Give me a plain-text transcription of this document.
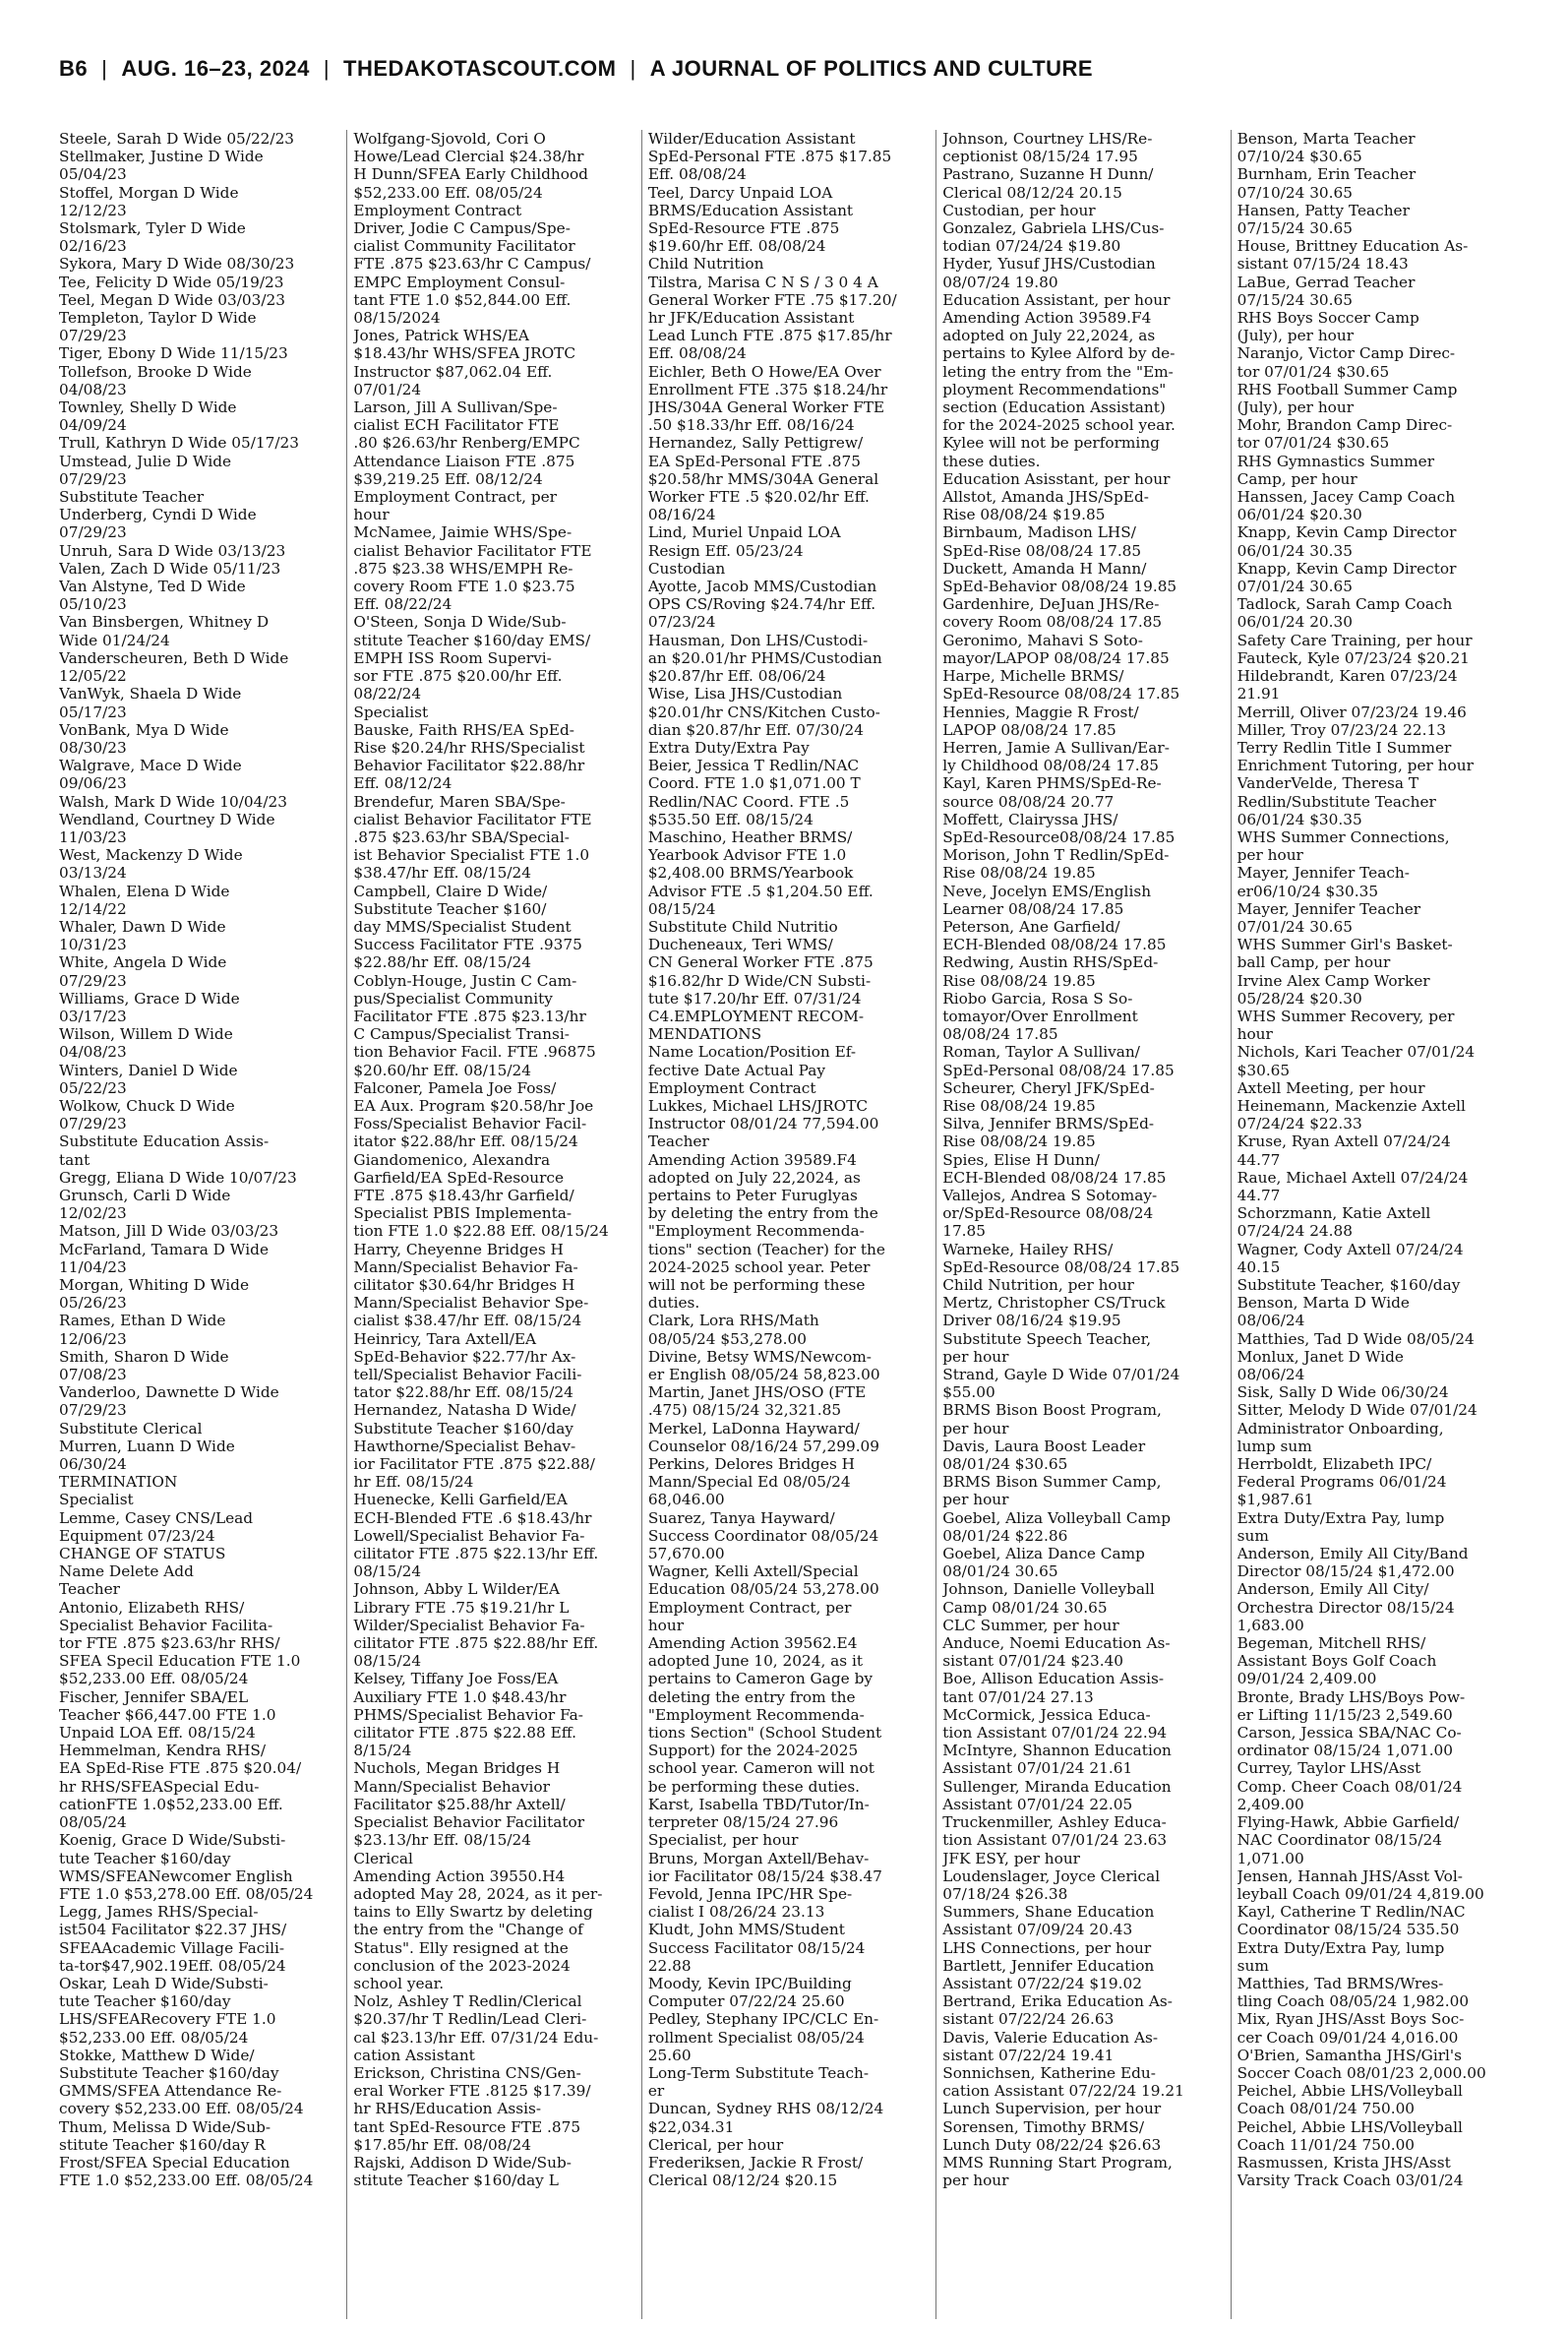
B6 | AUG. 16–23, 2024 | THEDAKOTASCOUT.COM | A JOURNAL OF POLITICS AND CULTURE
Steele, Sarah D Wide 05/22/23
Stellmaker, Justine D Wide
05/04/23
Stoffel, Morgan D Wide
12/12/23
Stolsmark, Tyler D Wide
02/16/23
Sykora, Mary D Wide 08/30/23
Tee, Felicity D Wide 05/19/23
Teel, Megan D Wide 03/03/23
Templeton, Taylor D Wide
07/29/23
Tiger, Ebony D Wide 11/15/23
Tollefson, Brooke D Wide
04/08/23
Townley, Shelly D Wide
04/09/24
Trull, Kathryn D Wide 05/17/23
Umstead, Julie D Wide
07/29/23
Substitute Teacher
Underberg, Cyndi D Wide
07/29/23
Unruh, Sara D Wide 03/13/23
Valen, Zach D Wide 05/11/23
Van Alstyne, Ted D Wide
05/10/23
Van Binsbergen, Whitney D
Wide 01/24/24
Vanderscheuren, Beth D Wide
12/05/22
VanWyk, Shaela D Wide
05/17/23
VonBank, Mya D Wide
08/30/23
Walgrave, Mace D Wide
09/06/23
Walsh, Mark D Wide 10/04/23
Wendland, Courtney D Wide
11/03/23
West, Mackenzy D Wide
03/13/24
Whalen, Elena D Wide
12/14/22
Whaler, Dawn D Wide
10/31/23
White, Angela D Wide
07/29/23
Williams, Grace D Wide
03/17/23
Wilson, Willem D Wide
04/08/23
Winters, Daniel D Wide
05/22/23
Wolkow, Chuck D Wide
07/29/23
Substitute Education Assis-
tant
Gregg, Eliana D Wide 10/07/23
Grunsch, Carli D Wide
12/02/23
Matson, Jill D Wide 03/03/23
McFarland, Tamara D Wide
11/04/23
Morgan, Whiting D Wide
05/26/23
Rames, Ethan D Wide
12/06/23
Smith, Sharon D Wide
07/08/23
Vanderloo, Dawnette D Wide
07/29/23
Substitute Clerical
Murren, Luann D Wide
06/30/24
TERMINATION
Specialist
Lemme, Casey CNS/Lead
Equipment 07/23/24
CHANGE OF STATUS
Name Delete Add
Teacher
Antonio, Elizabeth RHS/
Specialist Behavior Facilita-
tor FTE .875 $23.63/hr RHS/
SFEA Specil Education FTE 1.0
$52,233.00 Eff. 08/05/24
Fischer, Jennifer SBA/EL
Teacher $66,447.00 FTE 1.0
Unpaid LOA Eff. 08/15/24
Hemmelman, Kendra RHS/
EA SpEd-Rise FTE .875 $20.04/
hr RHS/SFEASpecial Edu-
cationFTE 1.0$52,233.00 Eff.
08/05/24
Koenig, Grace D Wide/Substi-
tute Teacher $160/day
WMS/SFEANewcomer English
FTE 1.0 $53,278.00 Eff. 08/05/24
Legg, James RHS/Special-
ist504 Facilitator $22.37 JHS/
SFEAAcademic Village Facili-
ta-tor$47,902.19Eff. 08/05/24
Oskar, Leah D Wide/Substi-
tute Teacher $160/day
LHS/SFEARecovery FTE 1.0
$52,233.00 Eff. 08/05/24
Stokke, Matthew D Wide/
Substitute Teacher $160/day
GMMS/SFEA Attendance Re-
covery $52,233.00 Eff. 08/05/24
Thum, Melissa D Wide/Sub-
stitute Teacher $160/day R
Frost/SFEA Special Education
FTE 1.0 $52,233.00 Eff. 08/05/24
Wolfgang-Sjovold, Cori O
Howe/Lead Clercial $24.38/hr
H Dunn/SFEA Early Childhood
$52,233.00 Eff. 08/05/24
Employment Contract
Driver, Jodie C Campus/Spe-
cialist Community Facilitator
FTE .875 $23.63/hr C Campus/
EMPC Employment Consul-
tant FTE 1.0 $52,844.00 Eff.
08/15/2024
Jones, Patrick WHS/EA
$18.43/hr WHS/SFEA JROTC
Instructor $87,062.04 Eff.
07/01/24
Larson, Jill A Sullivan/Spe-
cialist ECH Facilitator FTE
.80 $26.63/hr Renberg/EMPC
Attendance Liaison FTE .875
$39,219.25 Eff. 08/12/24
Employment Contract, per
hour
McNamee, Jaimie WHS/Spe-
cialist Behavior Facilitator FTE
.875 $23.38 WHS/EMPH Re-
covery Room FTE 1.0 $23.75
Eff. 08/22/24
O'Steen, Sonja D Wide/Sub-
stitute Teacher $160/day EMS/
EMPH ISS Room Supervi-
sor FTE .875 $20.00/hr Eff.
08/22/24
Specialist
Bauske, Faith RHS/EA SpEd-
Rise $20.24/hr RHS/Specialist
Behavior Facilitator $22.88/hr
Eff. 08/12/24
Brendefur, Maren SBA/Spe-
cialist Behavior Facilitator FTE
.875 $23.63/hr SBA/Special-
ist Behavior Specialist FTE 1.0
$38.47/hr Eff. 08/15/24
Campbell, Claire D Wide/
Substitute Teacher $160/
day MMS/Specialist Student
Success Facilitator FTE .9375
$22.88/hr Eff. 08/15/24
Coblyn-Houge, Justin C Cam-
pus/Specialist Community
Facilitator FTE .875 $23.13/hr
C Campus/Specialist Transi-
tion Behavior Facil. FTE .96875
$20.60/hr Eff. 08/15/24
Falconer, Pamela Joe Foss/
EA Aux. Program $20.58/hr Joe
Foss/Specialist Behavior Facil-
itator $22.88/hr Eff. 08/15/24
Giandomenico, Alexandra
Garfield/EA SpEd-Resource
FTE .875 $18.43/hr Garfield/
Specialist PBIS Implementa-
tion FTE 1.0 $22.88 Eff. 08/15/24
Harry, Cheyenne Bridges H
Mann/Specialist Behavior Fa-
cilitator $30.64/hr Bridges H
Mann/Specialist Behavior Spe-
cialist $38.47/hr Eff. 08/15/24
Heinricy, Tara Axtell/EA
SpEd-Behavior $22.77/hr Ax-
tell/Specialist Behavior Facili-
tator $22.88/hr Eff. 08/15/24
Hernandez, Natasha D Wide/
Substitute Teacher $160/day
Hawthorne/Specialist Behav-
ior Facilitator FTE .875 $22.88/
hr Eff. 08/15/24
Huenecke, Kelli Garfield/EA
ECH-Blended FTE .6 $18.43/hr
Lowell/Specialist Behavior Fa-
cilitator FTE .875 $22.13/hr Eff.
08/15/24
Johnson, Abby L Wilder/EA
Library FTE .75 $19.21/hr L
Wilder/Specialist Behavior Fa-
cilitator FTE .875 $22.88/hr Eff.
08/15/24
Kelsey, Tiffany Joe Foss/EA
Auxiliary FTE 1.0 $48.43/hr
PHMS/Specialist Behavior Fa-
cilitator FTE .875 $22.88 Eff.
8/15/24
Nuchols, Megan Bridges H
Mann/Specialist Behavior
Facilitator $25.88/hr Axtell/
Specialist Behavior Facilitator
$23.13/hr Eff. 08/15/24
Clerical
Amending Action 39550.H4
adopted May 28, 2024, as it per-
tains to Elly Swartz by deleting
the entry from the "Change of
Status". Elly resigned at the
conclusion of the 2023-2024
school year.
Nolz, Ashley T Redlin/Clerical
$20.37/hr T Redlin/Lead Cleri-
cal $23.13/hr Eff. 07/31/24 Edu-
cation Assistant
Erickson, Christina CNS/Gen-
eral Worker FTE .8125 $17.39/
hr RHS/Education Assis-
tant SpEd-Resource FTE .875
$17.85/hr Eff. 08/08/24
Rajski, Addison D Wide/Sub-
stitute Teacher $160/day L
Wilder/Education Assistant
SpEd-Personal FTE .875 $17.85
Eff. 08/08/24
Teel, Darcy Unpaid LOA
BRMS/Education Assistant
SpEd-Resource FTE .875
$19.60/hr Eff. 08/08/24
Child Nutrition
Tilstra, Marisa C N S / 3 0 4 A
General Worker FTE .75 $17.20/
hr JFK/Education Assistant
Lead Lunch FTE .875 $17.85/hr
Eff. 08/08/24
Eichler, Beth O Howe/EA Over
Enrollment FTE .375 $18.24/hr
JHS/304A General Worker FTE
.50 $18.33/hr Eff. 08/16/24
Hernandez, Sally Pettigrew/
EA SpEd-Personal FTE .875
$20.58/hr MMS/304A General
Worker FTE .5 $20.02/hr Eff.
08/16/24
Lind, Muriel Unpaid LOA
Resign Eff. 05/23/24
Custodian
Ayotte, Jacob MMS/Custodian
OPS CS/Roving $24.74/hr Eff.
07/23/24
Hausman, Don LHS/Custodi-
an $20.01/hr PHMS/Custodian
$20.87/hr Eff. 08/06/24
Wise, Lisa JHS/Custodian
$20.01/hr CNS/Kitchen Custo-
dian $20.87/hr Eff. 07/30/24
Extra Duty/Extra Pay
Beier, Jessica T Redlin/NAC
Coord. FTE 1.0 $1,071.00 T
Redlin/NAC Coord. FTE .5
$535.50 Eff. 08/15/24
Maschino, Heather BRMS/
Yearbook Advisor FTE 1.0
$2,408.00 BRMS/Yearbook
Advisor FTE .5 $1,204.50 Eff.
08/15/24
Substitute Child Nutritio
Ducheneaux, Teri WMS/
CN General Worker FTE .875
$16.82/hr D Wide/CN Substi-
tute $17.20/hr Eff. 07/31/24
C4.EMPLOYMENT RECOM-
MENDATIONS
Name Location/Position Ef-
fective Date Actual Pay
Employment Contract
Lukkes, Michael LHS/JROTC
Instructor 08/01/24 77,594.00
Teacher
Amending Action 39589.F4
adopted on July 22,2024, as
pertains to Peter Furuglyas
by deleting the entry from the
"Employment Recommenda-
tions" section (Teacher) for the
2024-2025 school year. Peter
will not be performing these
duties.
Clark, Lora RHS/Math
08/05/24 $53,278.00
Divine, Betsy WMS/Newcom-
er English 08/05/24 58,823.00
Martin, Janet JHS/OSO (FTE
.475) 08/15/24 32,321.85
Merkel, LaDonna Hayward/
Counselor 08/16/24 57,299.09
Perkins, Delores Bridges H
Mann/Special Ed 08/05/24
68,046.00
Suarez, Tanya Hayward/
Success Coordinator 08/05/24
57,670.00
Wagner, Kelli Axtell/Special
Education 08/05/24 53,278.00
Employment Contract, per
hour
Amending Action 39562.E4
adopted June 10, 2024, as it
pertains to Cameron Gage by
deleting the entry from the
"Employment Recommenda-
tions Section" (School Student
Support) for the 2024-2025
school year. Cameron will not
be performing these duties.
Karst, Isabella TBD/Tutor/In-
terpreter 08/15/24 27.96
Specialist, per hour
Bruns, Morgan Axtell/Behav-
ior Facilitator 08/15/24 $38.47
Fevold, Jenna IPC/HR Spe-
cialist I 08/26/24 23.13
Kludt, John MMS/Student
Success Facilitator 08/15/24
22.88
Moody, Kevin IPC/Building
Computer 07/22/24 25.60
Pedley, Stephany IPC/CLC En-
rollment Specialist 08/05/24
25.60
Long-Term Substitute Teach-
er
Duncan, Sydney RHS 08/12/24
$22,034.31
Clerical, per hour
Frederiksen, Jackie R Frost/
Clerical 08/12/24 $20.15
Johnson, Courtney LHS/Re-
ceptionist 08/15/24 17.95
Pastrano, Suzanne H Dunn/
Clerical 08/12/24 20.15
Custodian, per hour
Gonzalez, Gabriela LHS/Cus-
todian 07/24/24 $19.80
Hyder, Yusuf JHS/Custodian
08/07/24 19.80
Education Assistant, per hour
Amending Action 39589.F4
adopted on July 22,2024, as
pertains to Kylee Alford by de-
leting the entry from the "Em-
ployment Recommendations"
section (Education Assistant)
for the 2024-2025 school year.
Kylee will not be performing
these duties.
Education Asisstant, per hour
Allstot, Amanda JHS/SpEd-
Rise 08/08/24 $19.85
Birnbaum, Madison LHS/
SpEd-Rise 08/08/24 17.85
Duckett, Amanda H Mann/
SpEd-Behavior 08/08/24 19.85
Gardenhire, DeJuan JHS/Re-
covery Room 08/08/24 17.85
Geronimo, Mahavi S Soto-
mayor/LAPOP 08/08/24 17.85
Harpe, Michelle BRMS/
SpEd-Resource 08/08/24 17.85
Hennies, Maggie R Frost/
LAPOP 08/08/24 17.85
Herren, Jamie A Sullivan/Ear-
ly Childhood 08/08/24 17.85
Kayl, Karen PHMS/SpEd-Re-
source 08/08/24 20.77
Moffett, Clairyssa JHS/
SpEd-Resource08/08/24 17.85
Morison, John T Redlin/SpEd-
Rise 08/08/24 19.85
Neve, Jocelyn EMS/English
Learner 08/08/24 17.85
Peterson, Ane Garfield/
ECH-Blended 08/08/24 17.85
Redwing, Austin RHS/SpEd-
Rise 08/08/24 19.85
Riobo Garcia, Rosa S So-
tomayor/Over Enrollment
08/08/24 17.85
Roman, Taylor A Sullivan/
SpEd-Personal 08/08/24 17.85
Scheurer, Cheryl JFK/SpEd-
Rise 08/08/24 19.85
Silva, Jennifer BRMS/SpEd-
Rise 08/08/24 19.85
Spies, Elise H Dunn/
ECH-Blended 08/08/24 17.85
Vallejos, Andrea S Sotomay-
or/SpEd-Resource 08/08/24
17.85
Warneke, Hailey RHS/
SpEd-Resource 08/08/24 17.85
Child Nutrition, per hour
Mertz, Christopher CS/Truck
Driver 08/16/24 $19.95
Substitute Speech Teacher,
per hour
Strand, Gayle D Wide 07/01/24
$55.00
BRMS Bison Boost Program,
per hour
Davis, Laura Boost Leader
08/01/24 $30.65
BRMS Bison Summer Camp,
per hour
Goebel, Aliza Volleyball Camp
08/01/24 $22.86
Goebel, Aliza Dance Camp
08/01/24 30.65
Johnson, Danielle Volleyball
Camp 08/01/24 30.65
CLC Summer, per hour
Anduce, Noemi Education As-
sistant 07/01/24 $23.40
Boe, Allison Education Assis-
tant 07/01/24 27.13
McCormick, Jessica Educa-
tion Assistant 07/01/24 22.94
McIntyre, Shannon Education
Assistant 07/01/24 21.61
Sullenger, Miranda Education
Assistant 07/01/24 22.05
Truckenmiller, Ashley Educa-
tion Assistant 07/01/24 23.63
JFK ESY, per hour
Loudenslager, Joyce Clerical
07/18/24 $26.38
Summers, Shane Education
Assistant 07/09/24 20.43
LHS Connections, per hour
Bartlett, Jennifer Education
Assistant 07/22/24 $19.02
Bertrand, Erika Education As-
sistant 07/22/24 26.63
Davis, Valerie Education As-
sistant 07/22/24 19.41
Sonnichsen, Katherine Edu-
cation Assistant 07/22/24 19.21
Lunch Supervision, per hour
Sorensen, Timothy BRMS/
Lunch Duty 08/22/24 $26.63
MMS Running Start Program,
per hour
Benson, Marta Teacher
07/10/24 $30.65
Burnham, Erin Teacher
07/10/24 30.65
Hansen, Patty Teacher
07/15/24 30.65
House, Brittney Education As-
sistant 07/15/24 18.43
LaBue, Gerrad Teacher
07/15/24 30.65
RHS Boys Soccer Camp
(July), per hour
Naranjo, Victor Camp Direc-
tor 07/01/24 $30.65
RHS Football Summer Camp
(July), per hour
Mohr, Brandon Camp Direc-
tor 07/01/24 $30.65
RHS Gymnastics Summer
Camp, per hour
Hanssen, Jacey Camp Coach
06/01/24 $20.30
Knapp, Kevin Camp Director
06/01/24 30.35
Knapp, Kevin Camp Director
07/01/24 30.65
Tadlock, Sarah Camp Coach
06/01/24 20.30
Safety Care Training, per hour
Fauteck, Kyle 07/23/24 $20.21
Hildebrandt, Karen 07/23/24
21.91
Merrill, Oliver 07/23/24 19.46
Miller, Troy 07/23/24 22.13
Terry Redlin Title I Summer
Enrichment Tutoring, per hour
VanderVelde, Theresa T
Redlin/Substitute Teacher
06/01/24 $30.35
WHS Summer Connections,
per hour
Mayer, Jennifer Teach-
er06/10/24 $30.35
Mayer, Jennifer Teacher
07/01/24 30.65
WHS Summer Girl's Basket-
ball Camp, per hour
Irvine Alex Camp Worker
05/28/24 $20.30
WHS Summer Recovery, per
hour
Nichols, Kari Teacher 07/01/24
$30.65
Axtell Meeting, per hour
Heinemann, Mackenzie Axtell
07/24/24 $22.33
Kruse, Ryan Axtell 07/24/24
44.77
Raue, Michael Axtell 07/24/24
44.77
Schorzmann, Katie Axtell
07/24/24 24.88
Wagner, Cody Axtell 07/24/24
40.15
Substitute Teacher, $160/day
Benson, Marta D Wide
08/06/24
Matthies, Tad D Wide 08/05/24
Monlux, Janet D Wide
08/06/24
Sisk, Sally D Wide 06/30/24
Sitter, Melody D Wide 07/01/24
Administrator Onboarding,
lump sum
Herrboldt, Elizabeth IPC/
Federal Programs 06/01/24
$1,987.61
Extra Duty/Extra Pay, lump
sum
Anderson, Emily All City/Band
Director 08/15/24 $1,472.00
Anderson, Emily All City/
Orchestra Director 08/15/24
1,683.00
Begeman, Mitchell RHS/
Assistant Boys Golf Coach
09/01/24 2,409.00
Bronte, Brady LHS/Boys Pow-
er Lifting 11/15/23 2,549.60
Carson, Jessica SBA/NAC Co-
ordinator 08/15/24 1,071.00
Currey, Taylor LHS/Asst
Comp. Cheer Coach 08/01/24
2,409.00
Flying-Hawk, Abbie Garfield/
NAC Coordinator 08/15/24
1,071.00
Jensen, Hannah JHS/Asst Vol-
leyball Coach 09/01/24 4,819.00
Kayl, Catherine T Redlin/NAC
Coordinator 08/15/24 535.50
Extra Duty/Extra Pay, lump
sum
Matthies, Tad BRMS/Wres-
tling Coach 08/05/24 1,982.00
Mix, Ryan JHS/Asst Boys Soc-
cer Coach 09/01/24 4,016.00
O'Brien, Samantha JHS/Girl's
Soccer Coach 08/01/23 2,000.00
Peichel, Abbie LHS/Volleyball
Coach 08/01/24 750.00
Peichel, Abbie LHS/Volleyball
Coach 11/01/24 750.00
Rasmussen, Krista JHS/Asst
Varsity Track Coach 03/01/24
